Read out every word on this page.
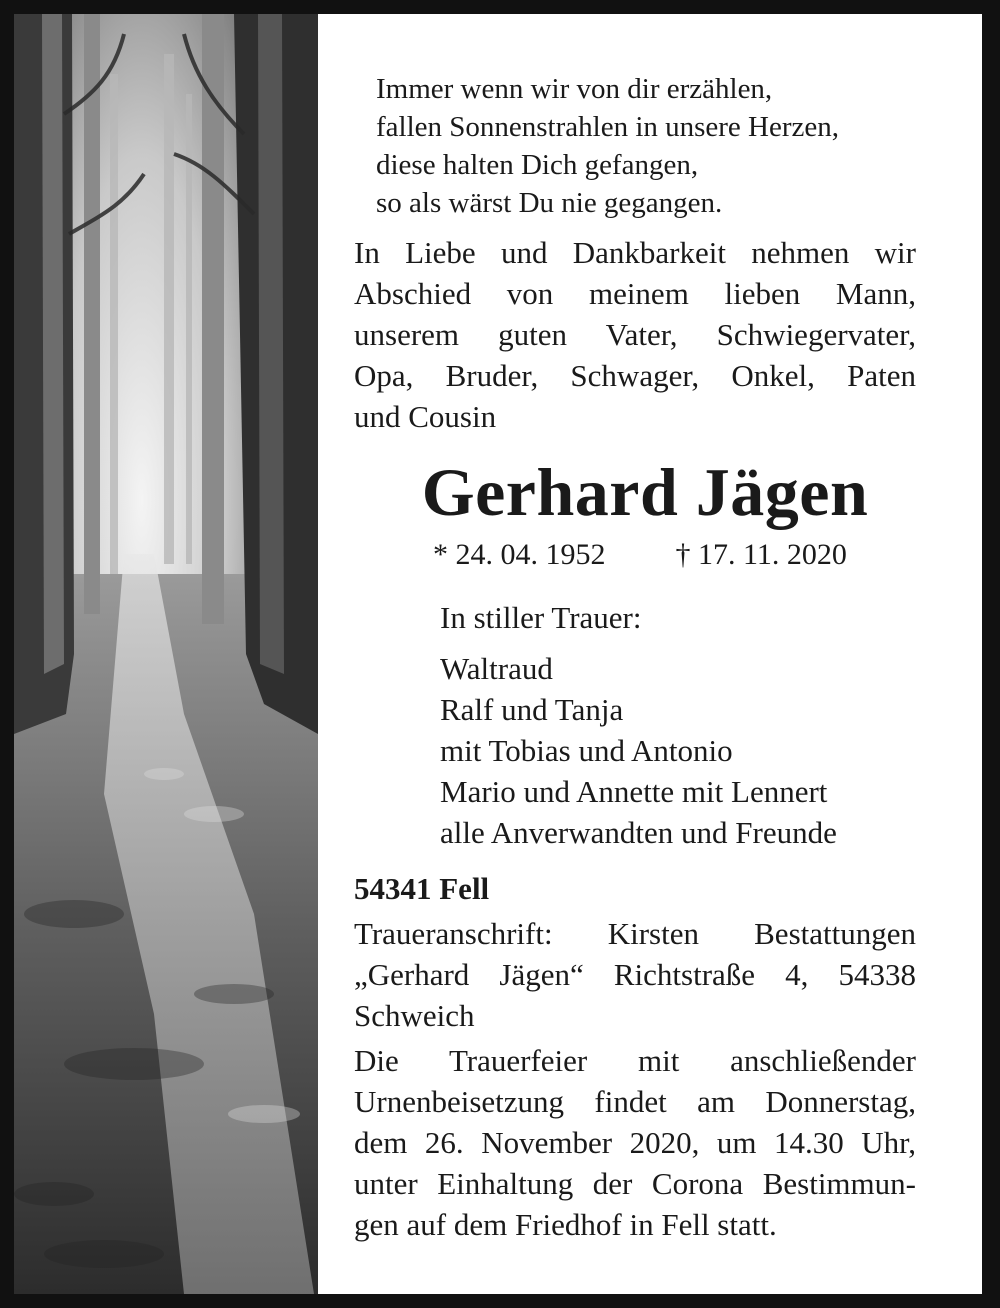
Immer wenn wir von dir erzählen,
fallen Sonnenstrahlen in unsere Herzen,
diese halten Dich gefangen,
so als wärst Du nie gegangen.
In Liebe und Dankbarkeit nehmen wir
Abschied von meinem lieben Mann,
unserem guten Vater, Schwiegervater,
Opa, Bruder, Schwager, Onkel, Paten
und Cousin
Gerhard Jägen
* 24. 04. 1952 † 17. 11. 2020
In stiller Trauer:
Waltraud
Ralf und Tanja
mit Tobias und Antonio
Mario und Annette mit Lennert
alle Anverwandten und Freunde
54341 Fell
Traueranschrift: Kirsten Bestattungen
„Gerhard Jägen“ Richtstraße 4, 54338
Schweich
Die Trauerfeier mit anschließender
Urnenbeisetzung findet am Donnerstag,
dem 26. November 2020, um 14.30 Uhr,
unter Einhaltung der Corona Bestimmun-
gen auf dem Friedhof in Fell statt.
